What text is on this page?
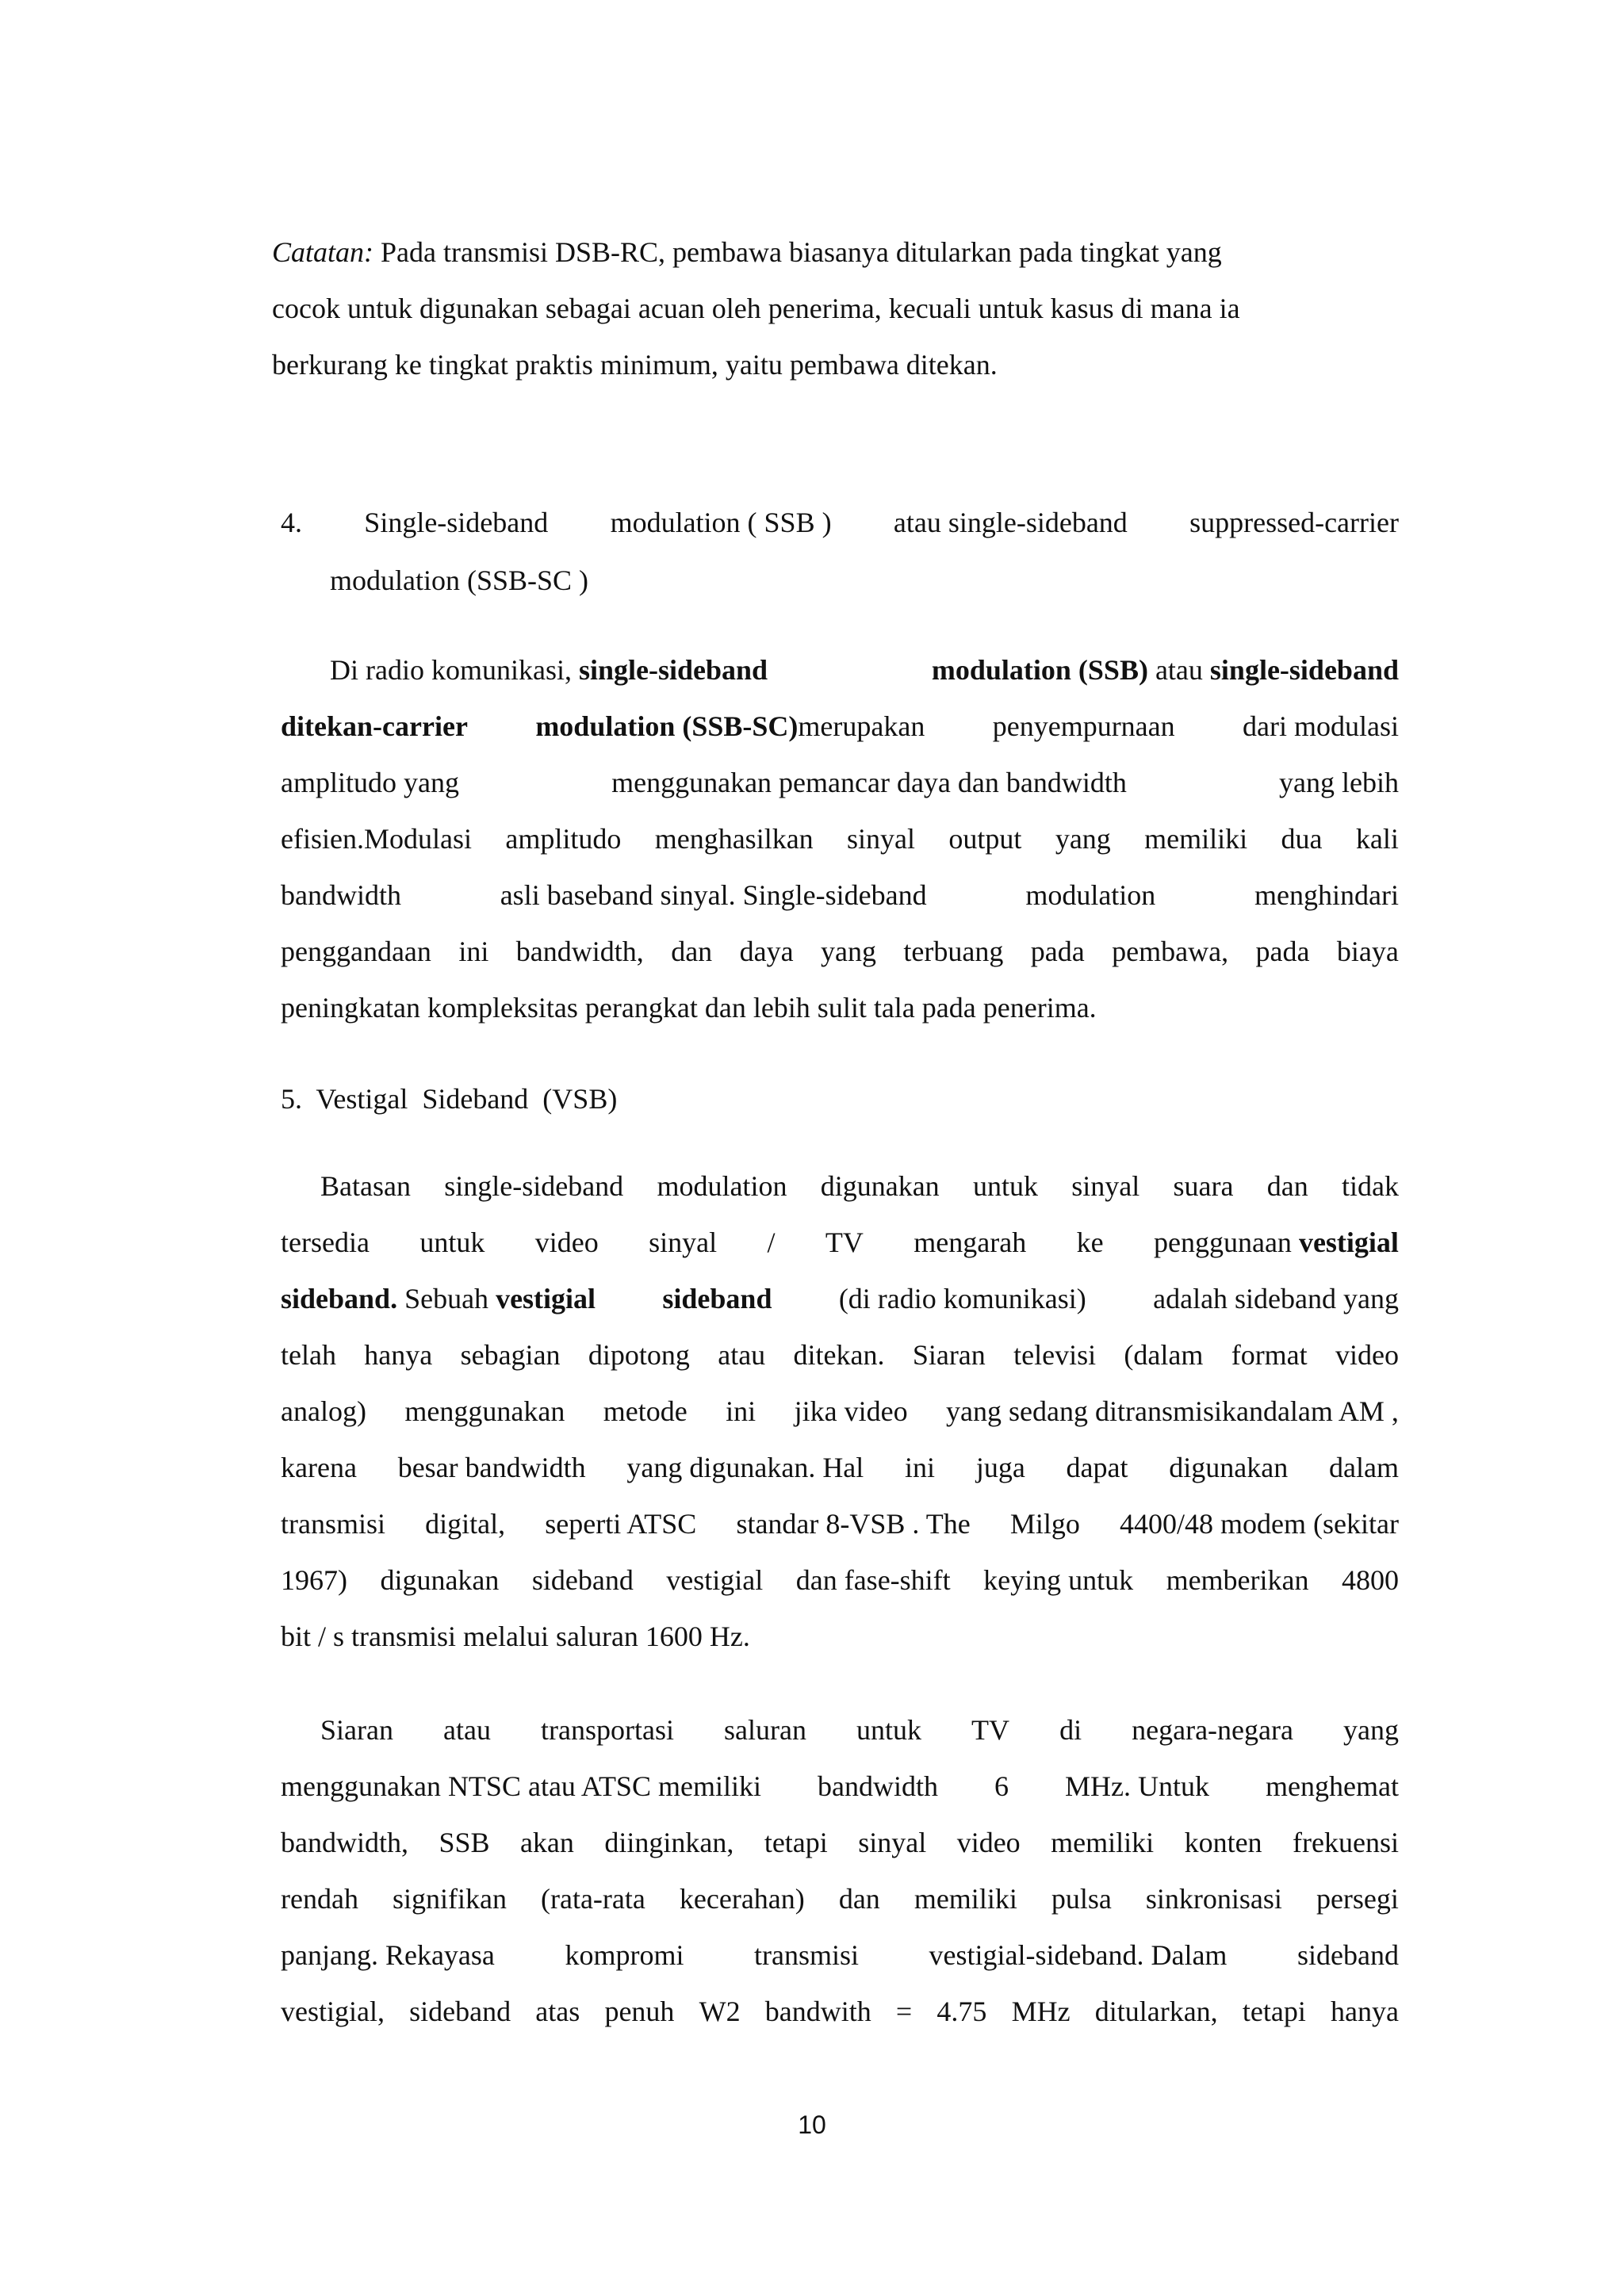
Catatan: Pada transmisi DSB-RC, pembawa biasanya ditularkan pada tingkat yang
cocok untuk digunakan sebagai acuan oleh penerima, kecuali untuk kasus di mana ia
berkurang ke tingkat praktis minimum, yaitu pembawa ditekan.
4. Single-sideband modulation ( SSB ) atau single-sideband suppressed-carrier
modulation (SSB-SC )
Di radio komunikasi, single-sideband	modulation (SSB) atau single-sideband
ditekan-carrier modulation (SSB-SC)merupakan penyempurnaan dari modulasi
amplitudo yang	menggunakan pemancar daya dan bandwidth	yang lebih
efisien.Modulasi amplitudo menghasilkan sinyal output yang memiliki dua kali
bandwidth	asli baseband sinyal. Single-sideband	modulation	menghindari
penggandaan ini bandwidth, dan daya yang terbuang pada pembawa, pada biaya
peningkatan kompleksitas perangkat dan lebih sulit tala pada penerima.
5.  Vestigal  Sideband  (VSB)
Batasan single-sideband modulation digunakan untuk sinyal suara dan tidak
tersedia untuk video sinyal / TV mengarah ke penggunaan vestigial
sideband. Sebuah vestigial sideband (di radio komunikasi) adalah sideband yang
telah hanya sebagian dipotong atau ditekan. Siaran televisi (dalam format video
analog) menggunakan metode ini jika video yang sedang ditransmisikandalam AM ,
karena besar bandwidth yang digunakan. Hal ini juga dapat digunakan dalam
transmisi digital, seperti ATSC standar 8-VSB . The Milgo 4400/48 modem (sekitar
1967) digunakan sideband vestigial dan fase-shift keying untuk memberikan 4800
bit / s transmisi melalui saluran 1600 Hz.
Siaran atau transportasi saluran untuk TV di negara-negara yang
menggunakan NTSC atau ATSC memiliki bandwidth 6 MHz. Untuk menghemat
bandwidth, SSB akan diinginkan, tetapi sinyal video memiliki konten frekuensi
rendah signifikan (rata-rata kecerahan) dan memiliki pulsa sinkronisasi persegi
panjang. Rekayasa kompromi transmisi vestigial-sideband. Dalam sideband
vestigial, sideband atas penuh W2 bandwith = 4.75 MHz ditularkan, tetapi hanya
10
